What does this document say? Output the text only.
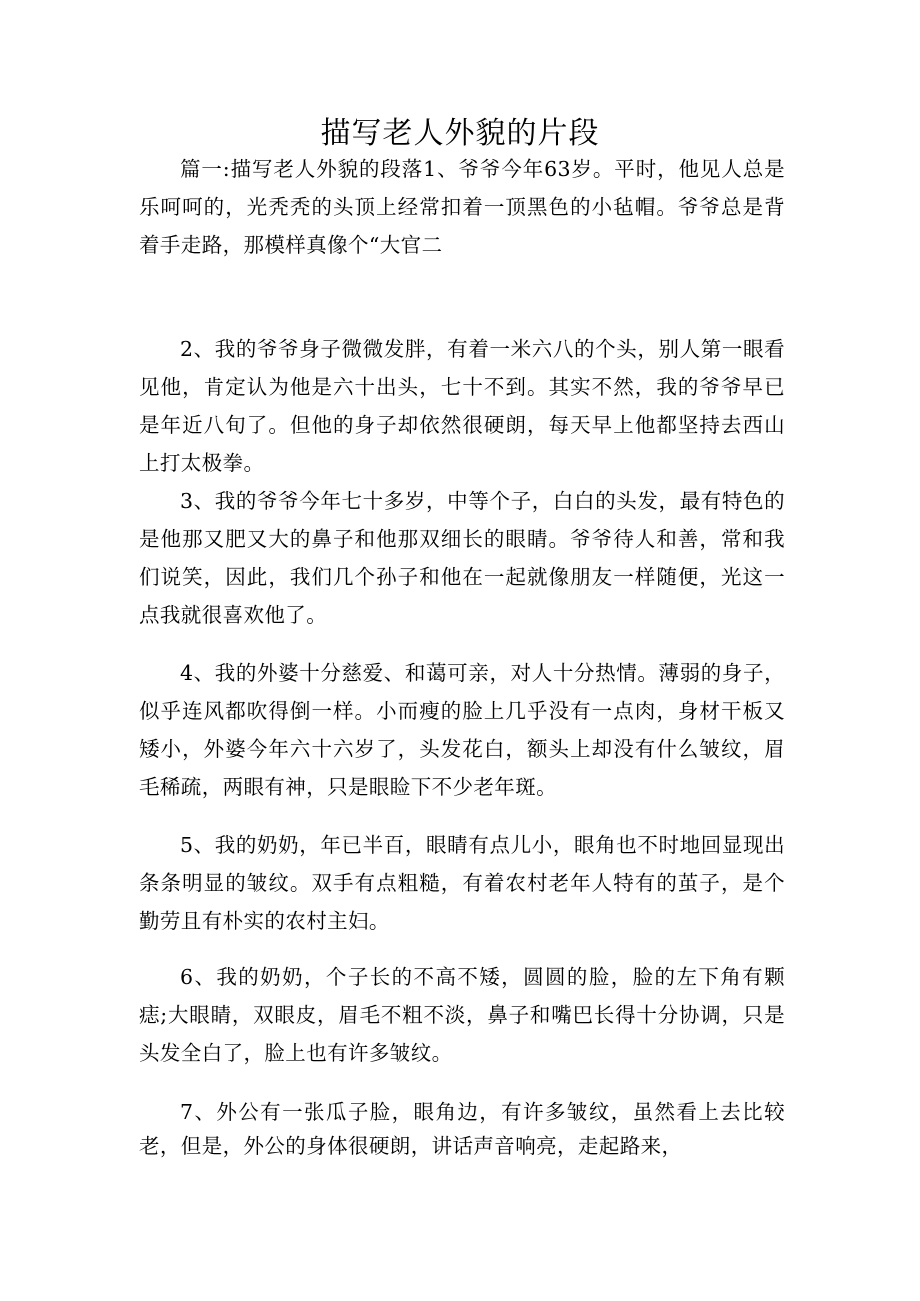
描写老人外貌的片段

篇一:描写老人外貌的段落1、爷爷今年63岁。平时，他见人总是乐呵呵的，光秃秃的头顶上经常扣着一顶黑色的小毡帽。爷爷总是背着手走路，那模样真像个“大官二

2、我的爷爷身子微微发胖，有着一米六八的个头，别人第一眼看见他，肯定认为他是六十出头，七十不到。其实不然，我的爷爷早已是年近八旬了。但他的身子却依然很硬朗，每天早上他都坚持去西山上打太极拳。

3、我的爷爷今年七十多岁，中等个子，白白的头发，最有特色的是他那又肥又大的鼻子和他那双细长的眼睛。爷爷待人和善，常和我们说笑，因此，我们几个孙子和他在一起就像朋友一样随便，光这一点我就很喜欢他了。

4、我的外婆十分慈爱、和蔼可亲，对人十分热情。薄弱的身子，似乎连风都吹得倒一样。小而瘦的脸上几乎没有一点肉，身材干板又矮小，外婆今年六十六岁了，头发花白，额头上却没有什么皱纹，眉毛稀疏，两眼有神，只是眼睑下不少老年斑。

5、我的奶奶，年已半百，眼睛有点儿小，眼角也不时地回显现出条条明显的皱纹。双手有点粗糙，有着农村老年人特有的茧子，是个勤劳且有朴实的农村主妇。

6、我的奶奶，个子长的不高不矮，圆圆的脸，脸的左下角有颗痣;大眼睛，双眼皮，眉毛不粗不淡，鼻子和嘴巴长得十分协调，只是头发全白了，脸上也有许多皱纹。

7、外公有一张瓜子脸，眼角边，有许多皱纹，虽然看上去比较老，但是，外公的身体很硬朗，讲话声音响亮，走起路来，
